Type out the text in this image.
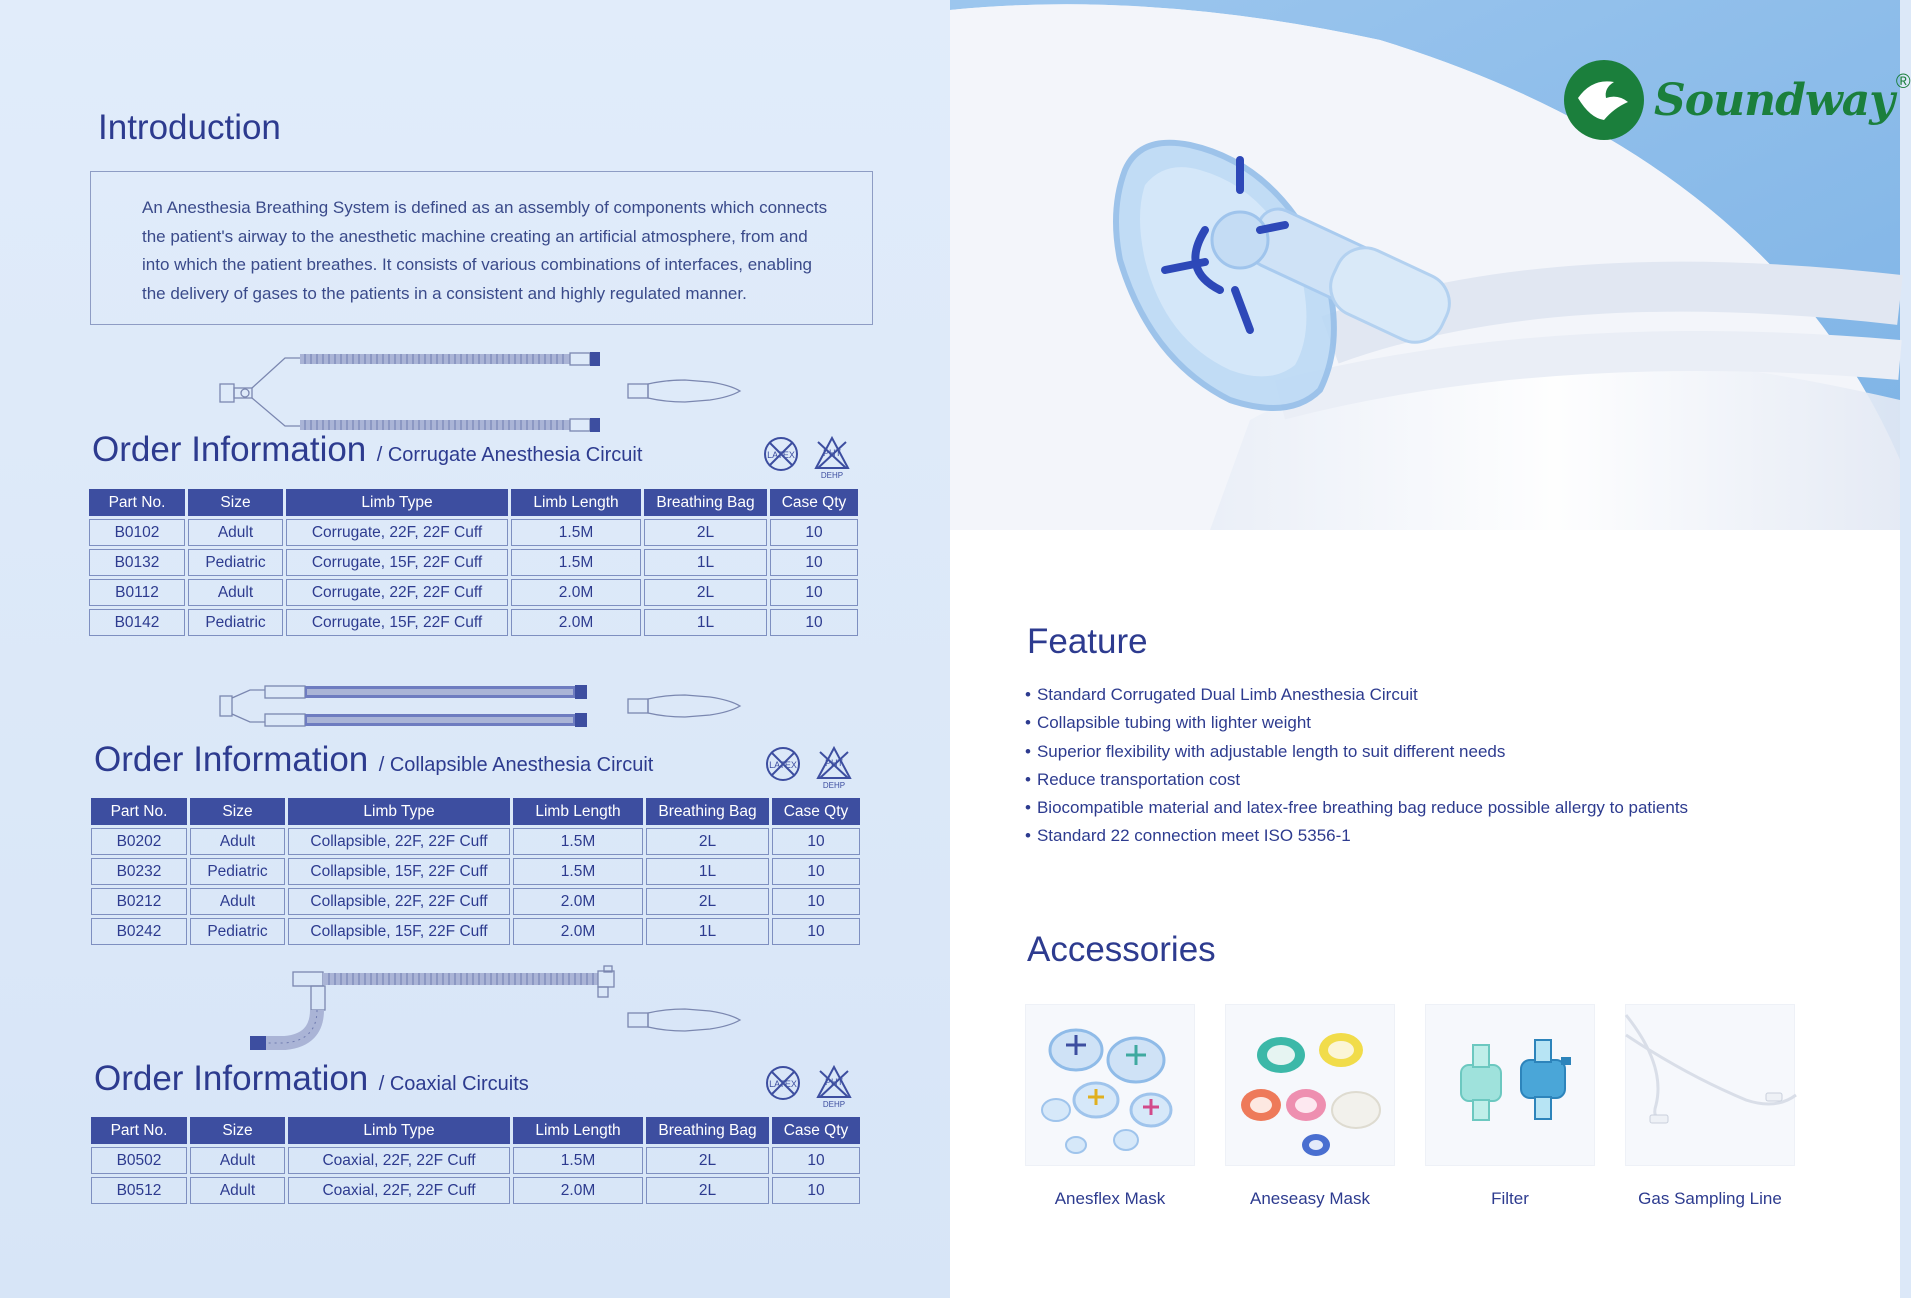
Introduction

An Anesthesia Breathing System is defined as an assembly of components which connects the patient's airway to the anesthetic machine creating an artificial atmosphere, from and into which the patient breathes. It consists of various combinations of interfaces, enabling the delivery of gases to the patients in a consistent and highly regulated manner.

Order Information / Corrugate Anesthesia Circuit	LATEX	PHT
DEHP
Part No.	Size	Limb Type	Limb Length	Breathing Bag	Case Qty
B0102	Adult	Corrugate, 22F, 22F Cuff	1.5M	2L	10
B0132	Pediatric	Corrugate, 15F, 22F Cuff	1.5M	1L	10
B0112	Adult	Corrugate, 22F, 22F Cuff	2.0M	2L	10
B0142	Pediatric	Corrugate, 15F, 22F Cuff	2.0M	1L	10
Order Information / Collapsible Anesthesia Circuit	LATEX	PHT
DEHP
Part No.	Size	Limb Type	Limb Length	Breathing Bag	Case Qty
B0202	Adult	Collapsible, 22F, 22F Cuff	1.5M	2L	10
B0232	Pediatric	Collapsible, 15F, 22F Cuff	1.5M	1L	10
B0212	Adult	Collapsible, 22F, 22F Cuff	2.0M	2L	10
B0242	Pediatric	Collapsible, 15F, 22F Cuff	2.0M	1L	10
Order Information / Coaxial Circuits	LATEX	PHT
DEHP
Part No.	Size	Limb Type	Limb Length	Breathing Bag	Case Qty
B0502	Adult	Coaxial, 22F, 22F Cuff	1.5M	2L	10
B0512	Adult	Coaxial, 22F, 22F Cuff	2.0M	2L	10
Soundway ®
Feature
• Standard Corrugated Dual Limb Anesthesia Circuit
• Collapsible tubing with lighter weight
• Superior flexibility with adjustable length to suit different needs
• Reduce transportation cost
• Biocompatible material and latex-free breathing bag reduce possible allergy to patients
• Standard 22 connection meet ISO 5356-1
Accessories
Anesflex Mask	Aneseasy Mask	Filter	Gas Sampling Line
